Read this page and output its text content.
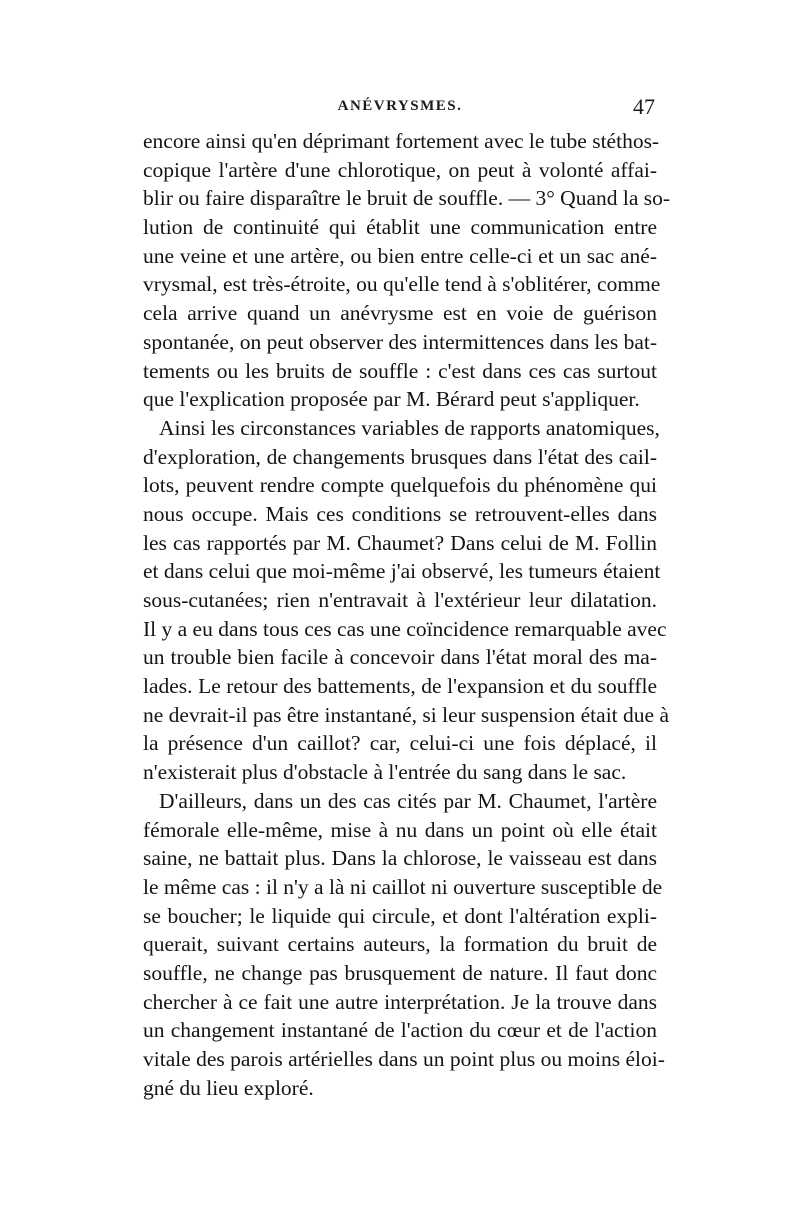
ANÉVRYSMES.	47
encore ainsi qu'en déprimant fortement avec le tube stéthos-
copique l'artère d'une chlorotique, on peut à volonté affai-
blir ou faire disparaître le bruit de souffle. — 3° Quand la so-
lution de continuité qui établit une communication entre
une veine et une artère, ou bien entre celle-ci et un sac ané-
vrysmal, est très-étroite, ou qu'elle tend à s'oblitérer, comme
cela arrive quand un anévrysme est en voie de guérison
spontanée, on peut observer des intermittences dans les bat-
tements ou les bruits de souffle : c'est dans ces cas surtout
que l'explication proposée par M. Bérard peut s'appliquer.
Ainsi les circonstances variables de rapports anatomiques,
d'exploration, de changements brusques dans l'état des cail-
lots, peuvent rendre compte quelquefois du phénomène qui
nous occupe. Mais ces conditions se retrouvent-elles dans
les cas rapportés par M. Chaumet? Dans celui de M. Follin
et dans celui que moi-même j'ai observé, les tumeurs étaient
sous-cutanées; rien n'entravait à l'extérieur leur dilatation.
Il y a eu dans tous ces cas une coïncidence remarquable avec
un trouble bien facile à concevoir dans l'état moral des ma-
lades. Le retour des battements, de l'expansion et du souffle
ne devrait-il pas être instantané, si leur suspension était due à
la présence d'un caillot? car, celui-ci une fois déplacé, il
n'existerait plus d'obstacle à l'entrée du sang dans le sac.
D'ailleurs, dans un des cas cités par M. Chaumet, l'artère
fémorale elle-même, mise à nu dans un point où elle était
saine, ne battait plus. Dans la chlorose, le vaisseau est dans
le même cas : il n'y a là ni caillot ni ouverture susceptible de
se boucher; le liquide qui circule, et dont l'altération expli-
querait, suivant certains auteurs, la formation du bruit de
souffle, ne change pas brusquement de nature. Il faut donc
chercher à ce fait une autre interprétation. Je la trouve dans
un changement instantané de l'action du cœur et de l'action
vitale des parois artérielles dans un point plus ou moins éloi-
gné du lieu exploré.
